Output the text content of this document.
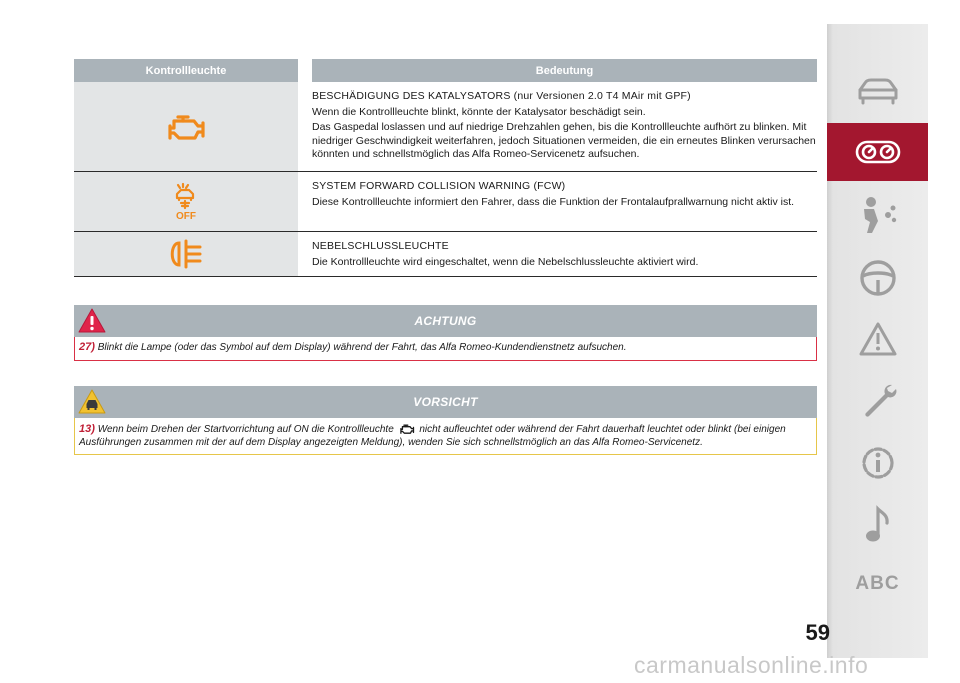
Kontrollleuchte	Bedeutung

BESCHÄDIGUNG DES KATALYSATORS (nur Versionen 2.0 T4 MAir mit GPF)

Wenn die Kontrollleuchte blinkt, könnte der Katalysator beschädigt sein.

Das Gaspedal loslassen und auf niedrige Drehzahlen gehen, bis die Kontrollleuchte aufhört zu blinken. Mit niedriger Geschwindigkeit weiterfahren, jedoch Situationen vermeiden, die ein erneutes Blinken verursachen könnten und schnellstmöglich das Alfa Romeo-Servicenetz aufsuchen.

OFF

SYSTEM FORWARD COLLISION WARNING (FCW)

Diese Kontrollleuchte informiert den Fahrer, dass die Funktion der Frontalaufprallwarnung nicht aktiv ist.

NEBELSCHLUSSLEUCHTE

Die Kontrollleuchte wird eingeschaltet, wenn die Nebelschlussleuchte aktiviert wird.

ACHTUNG
27) Blinkt die Lampe (oder das Symbol auf dem Display) während der Fahrt, das Alfa Romeo-Kundendienstnetz aufsuchen.
VORSICHT
13) Wenn beim Drehen der Startvorrichtung auf ON die Kontrollleuchte	nicht aufleuchtet oder während der Fahrt dauerhaft leuchtet oder blinkt (bei einigen Ausführungen zusammen mit der auf dem Display angezeigten Meldung), wenden Sie sich schnellstmöglich an das Alfa Romeo-Servicenetz.
ABC
59
carmanualsonline.info
